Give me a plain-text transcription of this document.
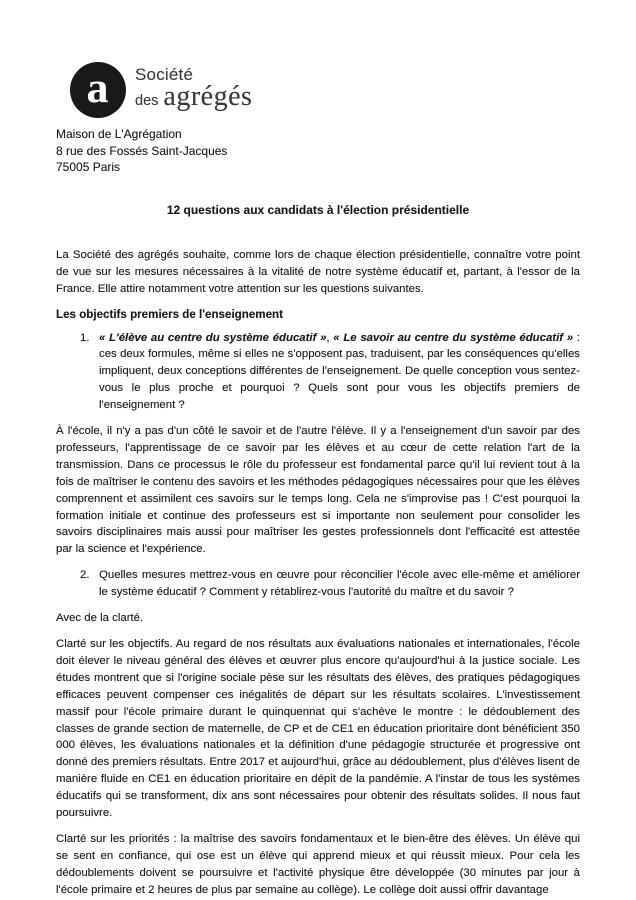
a Société
des agrégés
Maison de L'Agrégation
8 rue des Fossés Saint-Jacques
75005 Paris
12 questions aux candidats à l'élection présidentielle

La Société des agrégés souhaite, comme lors de chaque élection présidentielle, connaître votre point de vue sur les mesures nécessaires à la vitalité de notre système éducatif et, partant, à l'essor de la France. Elle attire notamment votre attention sur les questions suivantes.

Les objectifs premiers de l'enseignement
1. « L'élève au centre du système éducatif », « Le savoir au centre du système éducatif » : ces deux formules, même si elles ne s'opposent pas, traduisent, par les conséquences qu'elles impliquent, deux conceptions différentes de l'enseignement. De quelle conception vous sentez-vous le plus proche et pourquoi ? Quels sont pour vous les objectifs premiers de l'enseignement ?

À l'école, il n'y a pas d'un côté le savoir et de l'autre l'élève. Il y a l'enseignement d'un savoir par des professeurs, l'apprentissage de ce savoir par les élèves et au cœur de cette relation l'art de la transmission. Dans ce processus le rôle du professeur est fondamental parce qu'il lui revient tout à la fois de maîtriser le contenu des savoirs et les méthodes pédagogiques nécessaires pour que les élèves comprennent et assimilent ces savoirs sur le temps long. Cela ne s'improvise pas ! C'est pourquoi la formation initiale et continue des professeurs est si importante non seulement pour consolider les savoirs disciplinaires mais aussi pour maîtriser les gestes professionnels dont l'efficacité est attestée par la science et l'expérience.

2. Quelles mesures mettrez-vous en œuvre pour réconcilier l'école avec elle-même et améliorer le système éducatif ? Comment y rétablirez-vous l'autorité du maître et du savoir ?

Avec de la clarté.

Clarté sur les objectifs. Au regard de nos résultats aux évaluations nationales et internationales, l'école doit élever le niveau général des élèves et œuvrer plus encore qu'aujourd'hui à la justice sociale. Les études montrent que si l'origine sociale pèse sur les résultats des élèves, des pratiques pédagogiques efficaces peuvent compenser ces inégalités de départ sur les résultats scolaires. L'investissement massif pour l'école primaire durant le quinquennat qui s'achève le montre : le dédoublement des classes de grande section de maternelle, de CP et de CE1 en éducation prioritaire dont bénéficient 350 000 élèves, les évaluations nationales et la définition d'une pédagogie structurée et progressive ont donné des premiers résultats. Entre 2017 et aujourd'hui, grâce au dédoublement, plus d'élèves lisent de manière fluide en CE1 en éducation prioritaire en dépit de la pandémie. A l'instar de tous les systèmes éducatifs qui se transforment, dix ans sont nécessaires pour obtenir des résultats solides. Il nous faut poursuivre.

Clarté sur les priorités : la maîtrise des savoirs fondamentaux et le bien-être des élèves. Un élève qui se sent en confiance, qui ose est un élève qui apprend mieux et qui réussit mieux. Pour cela les dédoublements doivent se poursuivre et l'activité physique être développée (30 minutes par jour à l'école primaire et 2 heures de plus par semaine au collège). Le collège doit aussi offrir davantage
